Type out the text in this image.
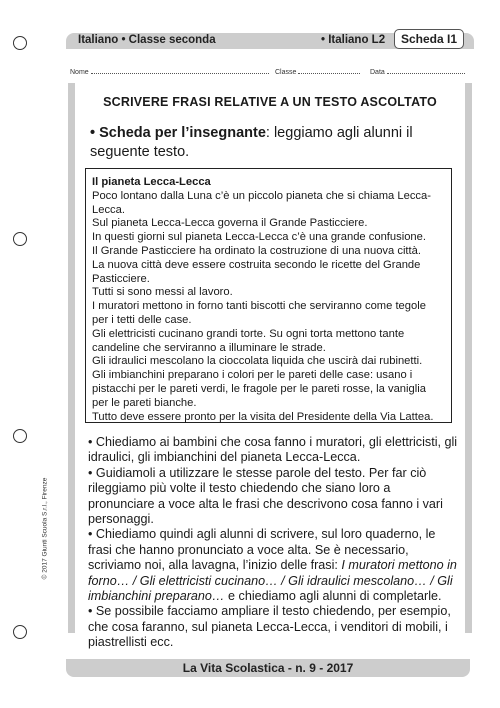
Italiano • Classe seconda	• Italiano L2	Scheda I1
Nome	Classe	Data
SCRIVERE FRASI RELATIVE A UN TESTO ASCOLTATO
• Scheda per l’insegnante: leggiamo agli alunni il seguente testo.

Il pianeta Lecca-Lecca

Poco lontano dalla Luna c’è un piccolo pianeta che si chiama Lecca-Lecca.

Sul pianeta Lecca-Lecca governa il Grande Pasticciere.

In questi giorni sul pianeta Lecca-Lecca c’è una grande confusione.

Il Grande Pasticciere ha ordinato la costruzione di una nuova città.

La nuova città deve essere costruita secondo le ricette del Grande Pasticciere.

Tutti si sono messi al lavoro.

I muratori mettono in forno tanti biscotti che serviranno come tegole per i tetti delle case.

Gli elettricisti cucinano grandi torte. Su ogni torta mettono tante candeline che serviranno a illuminare le strade.

Gli idraulici mescolano la cioccolata liquida che uscirà dai rubinetti.

Gli imbianchini preparano i colori per le pareti delle case: usano i pistacchi per le pareti verdi, le fragole per le pareti rosse, la vaniglia per le pareti bianche.

Tutto deve essere pronto per la visita del Presidente della Via Lattea.

• Chiediamo ai bambini che cosa fanno i muratori, gli elettricisti, gli idraulici, gli imbianchini del pianeta Lecca-Lecca.

• Guidiamoli a utilizzare le stesse parole del testo. Per far ciò rileggiamo più volte il testo chiedendo che siano loro a pronunciare a voce alta le frasi che descrivono cosa fanno i vari personaggi.

• Chiediamo quindi agli alunni di scrivere, sul loro quaderno, le frasi che hanno pronunciato a voce alta. Se è necessario, scriviamo noi, alla lavagna, l’inizio delle frasi: I muratori mettono in forno… / Gli elettricisti cucinano… / Gli idraulici mescolano… / Gli imbianchini preparano… e chiediamo agli alunni di completarle.

• Se possibile facciamo ampliare il testo chiedendo, per esempio, che cosa faranno, sul pianeta Lecca-Lecca, i venditori di mobili, i piastrellisti ecc.

© 2017 Giunti Scuola S.r.l., Firenze
La Vita Scolastica - n. 9 - 2017
